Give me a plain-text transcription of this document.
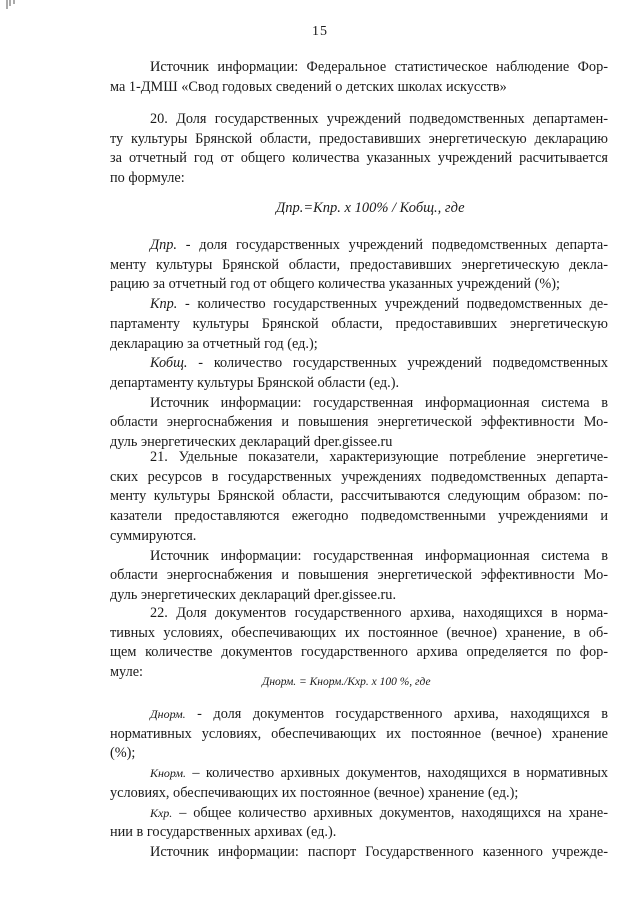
15
Источник информации: Федеральное статистическое наблюдение Фор-
ма 1-ДМШ «Свод годовых сведений о детских школах искусств»
20. Доля государственных учреждений подведомственных департамен-
ту культуры Брянской области, предоставивших энергетическую декларацию
за отчетный год от общего количества указанных учреждений расчитывается
по формуле:
Дпр.=Кпр. x 100% / Кобщ., где
Дпр. - доля государственных учреждений подведомственных департа-
менту культуры Брянской области, предоставивших энергетическую декла-
рацию за отчетный год от общего количества указанных учреждений (%);
Кпр. - количество государственных учреждений подведомственных де-
партаменту культуры Брянской области, предоставивших энергетическую
декларацию за отчетный год (ед.);
Кобщ. - количество государственных учреждений подведомственных
департаменту культуры Брянской области (ед.).
Источник информации: государственная информационная система в
области энергоснабжения и повышения энергетической эффективности Мо-
дуль энергетических деклараций dper.gissee.ru
21. Удельные показатели, характеризующие потребление энергетиче-
ских ресурсов в государственных учреждениях подведомственных департа-
менту культуры Брянской области, рассчитываются следующим образом: по-
казатели предоставляются ежегодно подведомственными учреждениями и
суммируются.
Источник информации: государственная информационная система в
области энергоснабжения и повышения энергетической эффективности Мо-
дуль энергетических деклараций dper.gissee.ru.
22. Доля документов государственного архива, находящихся в норма-
тивных условиях, обеспечивающих их постоянное (вечное) хранение, в об-
щем количестве документов государственного архива определяется по фор-
муле:
Днорм. = Кнорм./Кхр. x 100 %, где
Днорм. - доля документов государственного архива, находящихся в
нормативных условиях, обеспечивающих их постоянное (вечное) хранение
(%);
Кнорм. – количество архивных документов, находящихся в нормативных
условиях, обеспечивающих их постоянное (вечное) хранение (ед.);
Кхр. – общее количество архивных документов, находящихся на хране-
нии в государственных архивах (ед.).
Источник информации: паспорт Государственного казенного учрежде-
